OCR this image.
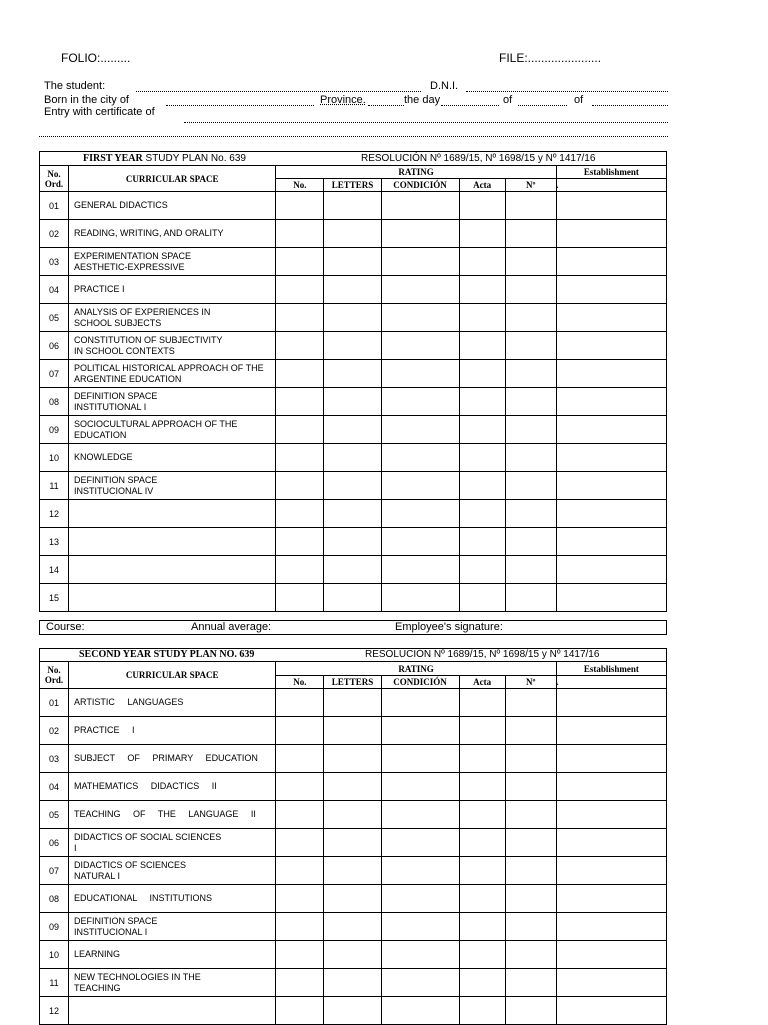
FOLIO:.........	FILE:......................
The student:	D.N.I.
Born in the city of	Province.	the day	of	of
Entry with certificate of
FIRST YEAR STUDY PLAN No. 639 RESOLUCIÓN Nº 1689/15, Nº 1698/15 y Nº 1417/16							

No.
Ord.	CURRICULAR SPACE	RATING					Establishment
		No.	LETTERS	CONDICIÓN	Acta	Nº	
01	GENERAL DIDACTICS						
02	READING, WRITING, AND ORALITY						
03	EXPERIMENTATION SPACE
AESTHETIC-EXPRESSIVE						
04	PRACTICE I						
05	ANALYSIS OF EXPERIENCES IN
SCHOOL SUBJECTS						
06	CONSTITUTION OF SUBJECTIVITY
IN SCHOOL CONTEXTS						
07	POLITICAL HISTORICAL APPROACH OF THE
ARGENTINE EDUCATION						
08	DEFINITION SPACE
INSTITUTIONAL I						
09	SOCIOCULTURAL APPROACH OF THE
EDUCATION						
10	KNOWLEDGE						
11	DEFINITION SPACE
INSTITUCIONAL IV						
12							
13							
14							
15							
Course:	Annual average:	Employee's signature:
SECOND YEAR STUDY PLAN NO. 639 RESOLUCIÓN Nº 1689/15, Nº 1698/15 y Nº 1417/16							

No.
Ord.	CURRICULAR SPACE	RATING					Establishment
		No.	LETTERS	CONDICIÓN	Acta	Nº	
01	ARTISTIC     LANGUAGES						
02	PRACTICE     I						
03	SUBJECT     OF     PRIMARY     EDUCATION						
04	MATHEMATICS     DIDACTICS     II						
05	TEACHING     OF     THE     LANGUAGE     II						
06	DIDACTICS OF SOCIAL SCIENCES
I						
07	DIDACTICS OF SCIENCES
NATURAL I						
08	EDUCATIONAL     INSTITUTIONS						
09	DEFINITION SPACE
INSTITUCIONAL I						
10	LEARNING						
11	NEW TECHNOLOGIES IN THE
TEACHING						
12							
